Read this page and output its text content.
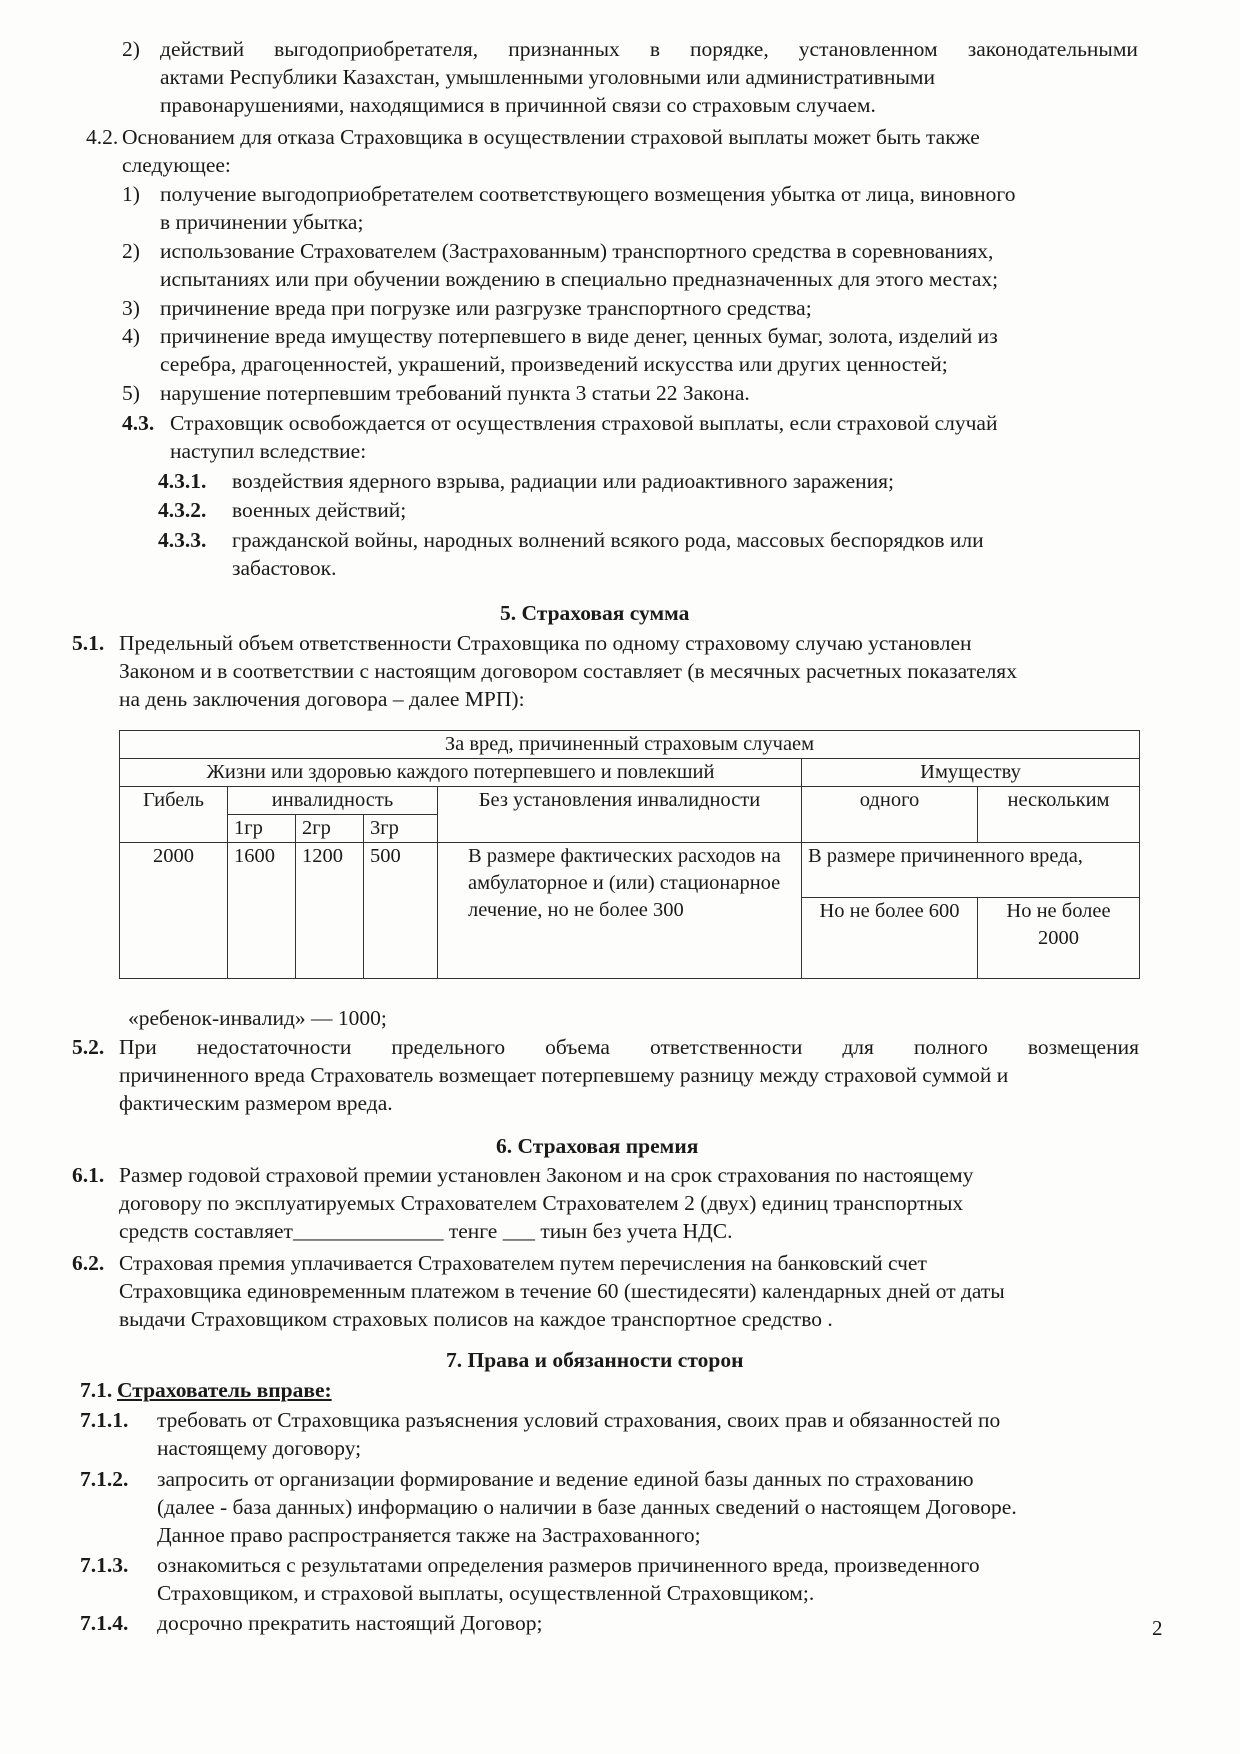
2) действий выгодоприобретателя, признанных в порядке, установленном законодательными
актами Республики Казахстан, умышленными уголовными или административными
правонарушениями, находящимися в причинной связи со страховым случаем.
4.2. Основанием для отказа Страховщика в осуществлении страховой выплаты может быть также
следующее:
1) получение выгодоприобретателем соответствующего возмещения убытка от лица, виновного
в причинении убытка;
2) использование Страхователем (Застрахованным) транспортного средства в соревнованиях,
испытаниях или при обучении вождению в специально предназначенных для этого местах;
3) причинение вреда при погрузке или разгрузке транспортного средства;
4) причинение вреда имуществу потерпевшего в виде денег, ценных бумаг, золота, изделий из
серебра, драгоценностей, украшений, произведений искусства или других ценностей;
5) нарушение потерпевшим требований пункта 3 статьи 22 Закона.
4.3. Страховщик освобождается от осуществления страховой выплаты, если страховой случай
наступил вследствие:
4.3.1. воздействия ядерного взрыва, радиации или радиоактивного заражения;
4.3.2. военных действий;
4.3.3. гражданской войны, народных волнений всякого рода, массовых беспорядков или
забастовок.
5. Страховая сумма
5.1. Предельный объем ответственности Страховщика по одному страховому случаю установлен
Законом и в соответствии с настоящим договором составляет (в месячных расчетных показателях
на день заключения договора – далее МРП):
За вред, причиненный страховым случаем						
Жизни или здоровью каждого потерпевшего и повлекший					Имуществу	
Гибель	инвалидность			Без установления инвалидности	одного	нескольким
	1гр	2гр	3гр			
2000	1600	1200	500	В размере фактических расходов на амбулаторное и (или) стационарное лечение, но не более 300	В размере причиненного вреда,	
					Но не более 600	Но не более 2000
«ребенок-инвалид» — 1000;
5.2. При недостаточности предельного объема ответственности для полного возмещения
причиненного вреда Страхователь возмещает потерпевшему разницу между страховой суммой и
фактическим размером вреда.
6. Страховая премия
6.1. Размер годовой страховой премии установлен Законом и на срок страхования по настоящему
договору по эксплуатируемых Страхователем Страхователем 2 (двух) единиц транспортных
средств составляет______________ тенге ___ тиын без учета НДС.
6.2. Страховая премия уплачивается Страхователем путем перечисления на банковский счет
Страховщика единовременным платежом в течение 60 (шестидесяти) календарных дней от даты
выдачи Страховщиком страховых полисов на каждое транспортное средство .
7. Права и обязанности сторон
7.1. Страхователь вправе:
7.1.1. требовать от Страховщика разъяснения условий страхования, своих прав и обязанностей по
настоящему договору;
7.1.2. запросить от организации формирование и ведение единой базы данных по страхованию
(далее - база данных) информацию о наличии в базе данных сведений о настоящем Договоре.
Данное право распространяется также на Застрахованного;
7.1.3. ознакомиться с результатами определения размеров причиненного вреда, произведенного
Страховщиком, и страховой выплаты, осуществленной Страховщиком;.
7.1.4. досрочно прекратить настоящий Договор;	2
